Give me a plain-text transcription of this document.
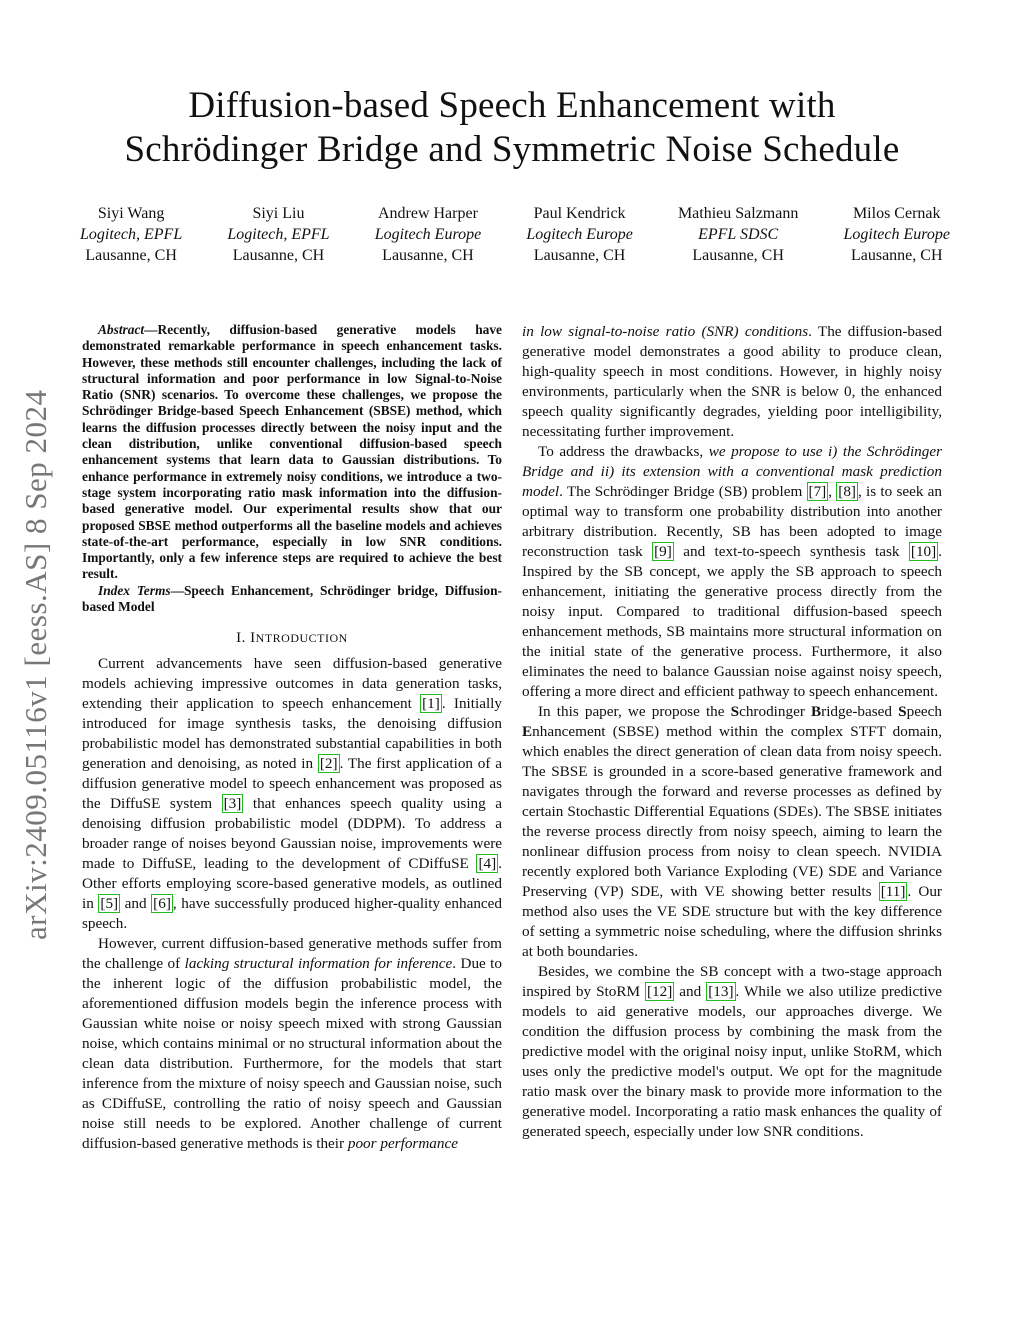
Diffusion-based Speech Enhancement with
Schrödinger Bridge and Symmetric Noise Schedule
Siyi Wang
Logitech, EPFL
Lausanne, CH
Siyi Liu
Logitech, EPFL
Lausanne, CH
Andrew Harper
Logitech Europe
Lausanne, CH
Paul Kendrick
Logitech Europe
Lausanne, CH
Mathieu Salzmann
EPFL SDSC
Lausanne, CH
Milos Cernak
Logitech Europe
Lausanne, CH
arXiv:2409.05116v1 [eess.AS] 8 Sep 2024

Abstract—Recently, diffusion-based generative models have demonstrated remarkable performance in speech enhancement tasks. However, these methods still encounter challenges, including the lack of structural information and poor performance in low Signal-to-Noise Ratio (SNR) scenarios. To overcome these challenges, we propose the Schrödinger Bridge-based Speech Enhancement (SBSE) method, which learns the diffusion processes directly between the noisy input and the clean distribution, unlike conventional diffusion-based speech enhancement systems that learn data to Gaussian distributions. To enhance performance in extremely noisy conditions, we introduce a two-stage system incorporating ratio mask information into the diffusion-based generative model. Our experimental results show that our proposed SBSE method outperforms all the baseline models and achieves state-of-the-art performance, especially in low SNR conditions. Importantly, only a few inference steps are required to achieve the best result.

Index Terms—Speech Enhancement, Schrödinger bridge, Diffusion-based Model

I. INTRODUCTION

Current advancements have seen diffusion-based generative models achieving impressive outcomes in data generation tasks, extending their application to speech enhancement [1] . Initially introduced for image synthesis tasks, the denoising diffusion probabilistic model has demonstrated substantial capabilities in both generation and denoising, as noted in [2] . The first application of a diffusion generative model to speech enhancement was proposed as the DiffuSE system [3] that enhances speech quality using a denoising diffusion probabilistic model (DDPM). To address a broader range of noises beyond Gaussian noise, improvements were made to DiffuSE, leading to the development of CDiffuSE [4] . Other efforts employing score-based generative models, as outlined in [5] and [6] , have successfully produced higher-quality enhanced speech.

However, current diffusion-based generative methods suffer from the challenge of lacking structural information for inference. Due to the inherent logic of the diffusion probabilistic model, the aforementioned diffusion models begin the inference process with Gaussian white noise or noisy speech mixed with strong Gaussian noise, which contains minimal or no structural information about the clean data distribution. Furthermore, for the models that start inference from the mixture of noisy speech and Gaussian noise, such as CDiffuSE, controlling the ratio of noisy speech and Gaussian noise still needs to be explored. Another challenge of current diffusion-based generative methods is their poor performance

in low signal-to-noise ratio (SNR) conditions. The diffusion-based generative model demonstrates a good ability to produce clean, high-quality speech in most conditions. However, in highly noisy environments, particularly when the SNR is below 0, the enhanced speech quality significantly degrades, yielding poor intelligibility, necessitating further improvement.

To address the drawbacks, we propose to use i) the Schrödinger Bridge and ii) its extension with a conventional mask prediction model. The Schrödinger Bridge (SB) problem [7] , [8] , is to seek an optimal way to transform one probability distribution into another arbitrary distribution. Recently, SB has been adopted to image reconstruction task [9] and text-to-speech synthesis task [10] . Inspired by the SB concept, we apply the SB approach to speech enhancement, initiating the generative process directly from the noisy input. Compared to traditional diffusion-based speech enhancement methods, SB maintains more structural information on the initial state of the generative process. Furthermore, it also eliminates the need to balance Gaussian noise against noisy speech, offering a more direct and efficient pathway to speech enhancement.

In this paper, we propose the Schrodinger Bridge-based Speech Enhancement (SBSE) method within the complex STFT domain, which enables the direct generation of clean data from noisy speech. The SBSE is grounded in a score-based generative framework and navigates through the forward and reverse processes as defined by certain Stochastic Differential Equations (SDEs). The SBSE initiates the reverse process directly from noisy speech, aiming to learn the nonlinear diffusion process from noisy to clean speech. NVIDIA recently explored both Variance Exploding (VE) SDE and Variance Preserving (VP) SDE, with VE showing better results [11] . Our method also uses the VE SDE structure but with the key difference of setting a symmetric noise scheduling, where the diffusion shrinks at both boundaries.

Besides, we combine the SB concept with a two-stage approach inspired by StoRM [12] and [13] . While we also utilize predictive models to aid generative models, our approaches diverge. We condition the diffusion process by combining the mask from the predictive model with the original noisy input, unlike StoRM, which uses only the predictive model's output. We opt for the magnitude ratio mask over the binary mask to provide more information to the generative model. Incorporating a ratio mask enhances the quality of generated speech, especially under low SNR conditions.
